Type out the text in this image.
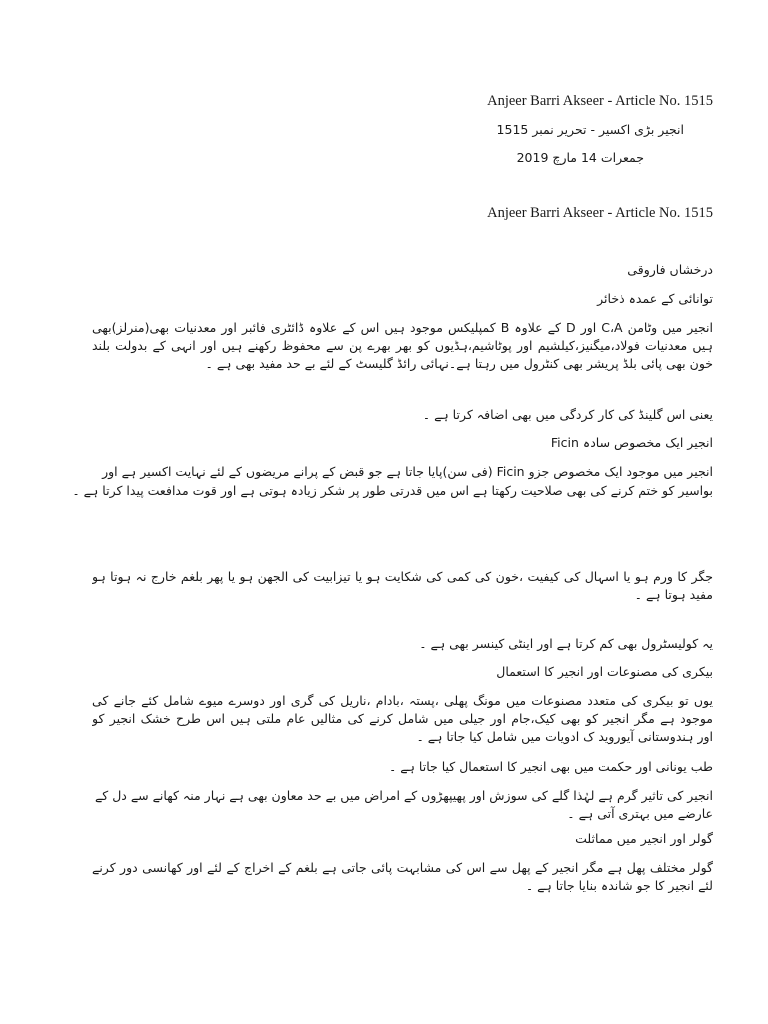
Anjeer Barri Akseer - Article No. 1515
انجیر بڑی اکسیر - تحریر نمبر 1515
جمعرات 14 مارچ 2019
Anjeer Barri Akseer - Article No. 1515
درخشاں فاروقی
توانائی کے عمدہ ذخائر
انجیر میں وٹامن C،A اور D کے علاوہ B کمپلیکس موجود ہیں اس کے علاوہ ڈائٹری فائبر اور معدنیات بھی(منرلز)بھی
ہیں معدنیات فولاد،میگنیز،کیلشیم اور پوٹاشیم،ہڈیوں کو بھر بھرے پن سے محفوظ رکھنے ہیں اور انہی کے بدولت بلند
خون بھی پائی بلڈ پریشر بھی کنٹرول میں رہتا ہے۔نہائی رائڈ گلیسٹ کے لئے بے حد مفید بھی ہے ۔
یعنی اس گلینڈ کی کار کردگی میں بھی اضافہ کرتا ہے ۔
انجیر ایک مخصوص سادہ Ficin
انجیر میں موجود ایک مخصوص جزو Ficin (فی سن)پایا جاتا ہے جو قبض کے پرانے مریضوں کے لئے نہایت اکسیر ہے اور
بواسیر کو ختم کرنے کی بھی صلاحیت رکھتا ہے اس میں قدرتی طور پر شکر زیادہ ہوتی ہے اور قوت مدافعت پیدا کرتا ہے ۔
جگر کا ورم ہو یا اسہال کی کیفیت ،خون کی کمی کی شکایت ہو یا تیزابیت کی الجھن ہو یا پھر بلغم خارج نہ ہوتا ہو
مفید ہوتا ہے ۔
یہ کولیسٹرول بھی کم کرتا ہے اور اینٹی کینسر بھی ہے ۔
بیکری کی مصنوعات اور انجیر کا استعمال
یوں تو بیکری کی متعدد مصنوعات میں مونگ پھلی ،پستہ ،بادام ،ناریل کی گری اور دوسرے میوے شامل کئے جانے کی
موجود ہے مگر انجیر کو بھی کیک،جام اور جیلی میں شامل کرنے کی مثالیں عام ملتی ہیں اس طرح خشک انجیر کو
اور ہندوستانی آیوروید ک ادویات میں شامل کیا جاتا ہے ۔
طب یونانی اور حکمت میں بھی انجیر کا استعمال کیا جاتا ہے ۔
انجیر کی تاثیر گرم ہے لہٰذا گلے کی سوزش اور پھیپھڑوں کے امراض میں بے حد معاون بھی ہے نہار منہ کھانے سے دل کے
عارضے میں بہتری آتی ہے ۔
گولر اور انجیر میں مماثلت
گولر مختلف پھل ہے مگر انجیر کے پھل سے اس کی مشابہت پائی جاتی ہے بلغم کے اخراج کے لئے اور کھانسی دور کرنے
لئے انجیر کا جو شاندہ بنایا جاتا ہے ۔
